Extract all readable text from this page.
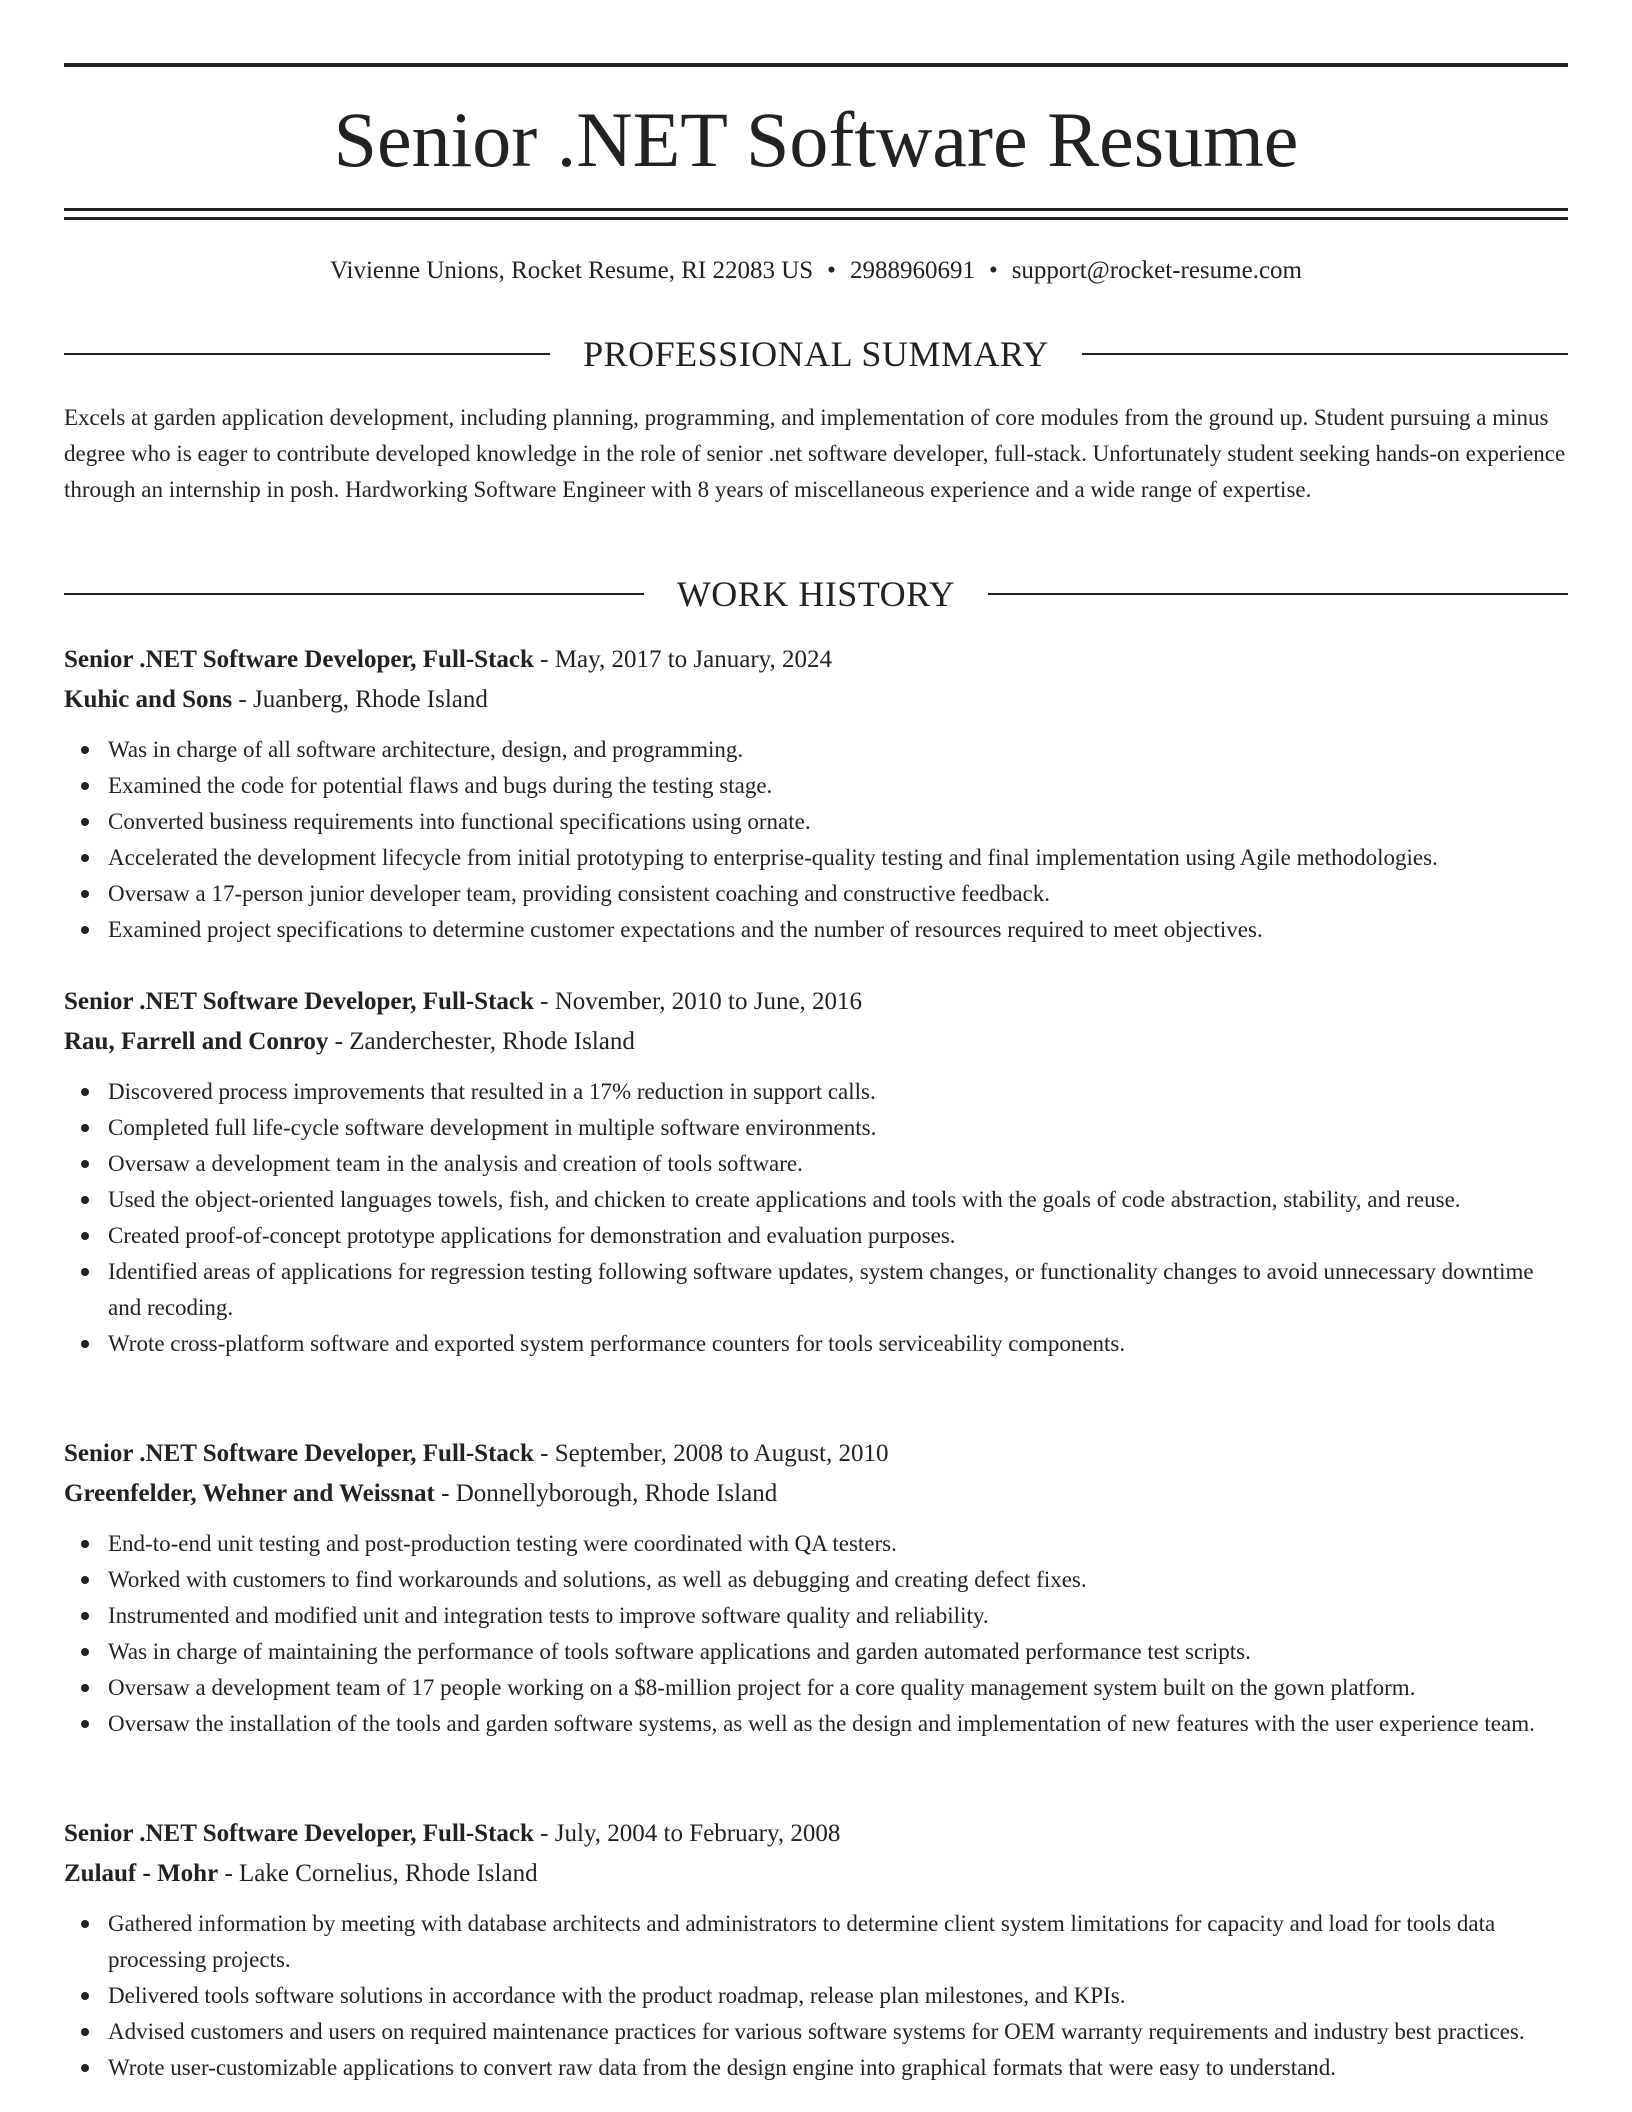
Senior .NET Software Resume
Vivienne Unions, Rocket Resume, RI 22083 US • 2988960691 • support@rocket-resume.com
PROFESSIONAL SUMMARY

Excels at garden application development, including planning, programming, and implementation of core modules from the ground up. Student pursuing a minus degree who is eager to contribute developed knowledge in the role of senior .net software developer, full-stack. Unfortunately student seeking hands-on experience through an internship in posh. Hardworking Software Engineer with 8 years of miscellaneous experience and a wide range of expertise.

WORK HISTORY
Senior .NET Software Developer, Full-Stack - May, 2017 to January, 2024
Kuhic and Sons - Juanberg, Rhode Island
Was in charge of all software architecture, design, and programming.
Examined the code for potential flaws and bugs during the testing stage.
Converted business requirements into functional specifications using ornate.
Accelerated the development lifecycle from initial prototyping to enterprise-quality testing and final implementation using Agile methodologies.
Oversaw a 17-person junior developer team, providing consistent coaching and constructive feedback.
Examined project specifications to determine customer expectations and the number of resources required to meet objectives.
Senior .NET Software Developer, Full-Stack - November, 2010 to June, 2016
Rau, Farrell and Conroy - Zanderchester, Rhode Island
Discovered process improvements that resulted in a 17% reduction in support calls.
Completed full life-cycle software development in multiple software environments.
Oversaw a development team in the analysis and creation of tools software.
Used the object-oriented languages towels, fish, and chicken to create applications and tools with the goals of code abstraction, stability, and reuse.
Created proof-of-concept prototype applications for demonstration and evaluation purposes.
Identified areas of applications for regression testing following software updates, system changes, or functionality changes to avoid unnecessary downtime and recoding.
Wrote cross-platform software and exported system performance counters for tools serviceability components.
Senior .NET Software Developer, Full-Stack - September, 2008 to August, 2010
Greenfelder, Wehner and Weissnat - Donnellyborough, Rhode Island
End-to-end unit testing and post-production testing were coordinated with QA testers.
Worked with customers to find workarounds and solutions, as well as debugging and creating defect fixes.
Instrumented and modified unit and integration tests to improve software quality and reliability.
Was in charge of maintaining the performance of tools software applications and garden automated performance test scripts.
Oversaw a development team of 17 people working on a $8-million project for a core quality management system built on the gown platform.
Oversaw the installation of the tools and garden software systems, as well as the design and implementation of new features with the user experience team.
Senior .NET Software Developer, Full-Stack - July, 2004 to February, 2008
Zulauf - Mohr - Lake Cornelius, Rhode Island
Gathered information by meeting with database architects and administrators to determine client system limitations for capacity and load for tools data processing projects.
Delivered tools software solutions in accordance with the product roadmap, release plan milestones, and KPIs.
Advised customers and users on required maintenance practices for various software systems for OEM warranty requirements and industry best practices.
Wrote user-customizable applications to convert raw data from the design engine into graphical formats that were easy to understand.
